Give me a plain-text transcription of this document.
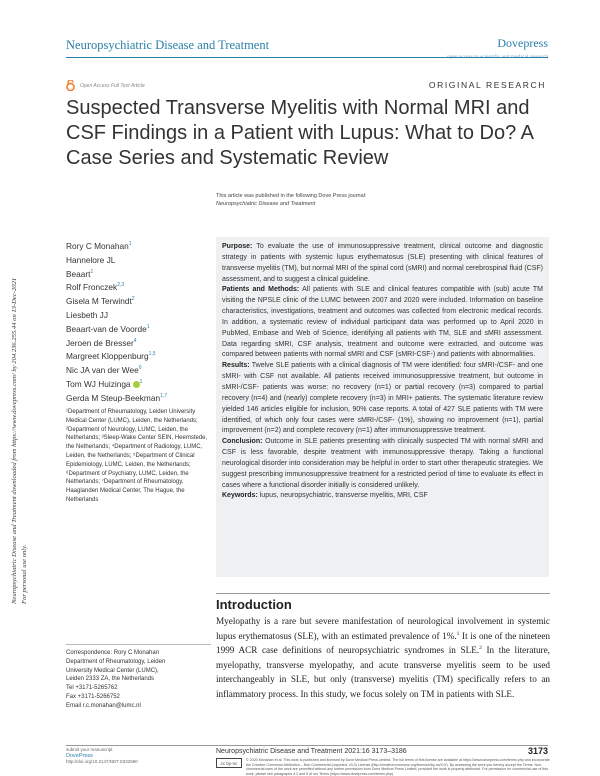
Neuropsychiatric Disease and Treatment	Dovepress
Open Access Full Text Article	ORIGINAL RESEARCH
Suspected Transverse Myelitis with Normal MRI and CSF Findings in a Patient with Lupus: What to Do? A Case Series and Systematic Review
This article was published in the following Dove Press journal:
Neuropsychiatric Disease and Treatment
Neuropsychiatric Disease and Treatment downloaded from https://www.dovepress.com/ by 204.236.255.44 on 13-Dec-2021 For personal use only.
Rory C Monahan$^1$
Hannelore JL
Beaart$^1$
Rolf Fronczek$^{2,3}$
Gisela M Terwindt$^2$
Liesbeth JJ
Beaart-van de Voorde$^1$
Jeroen de Bresser$^4$
Margreet Kloppenburg$^{1,5}$
Nic JA van der Wee$^6$
Tom WJ Huizinga $^1$
Gerda M Steup-Beekman$^{1,7}$
¹Department of Rheumatology, Leiden University Medical Center (LUMC), Leiden, the Netherlands; ²Department of Neurology, LUMC, Leiden, the Netherlands; ³Sleep-Wake Center SEIN, Heemstede, the Netherlands; ⁴Department of Radiology, LUMC, Leiden, the Netherlands; ⁵Department of Clinical Epidemiology, LUMC, Leiden, the Netherlands; ⁶Department of Psychiatry, LUMC, Leiden, the Netherlands; ⁷Department of Rheumatology, Haaglanden Medical Center, The Hague, the Netherlands
Correspondence: Rory C Monahan
Department of Rheumatology, Leiden
University Medical Center (LUMC),
Leiden 2333 ZA, the Netherlands
Tel +3171-5265762
Fax +3171-5266752
Email r.c.monahan@lumc.nl

Purpose: To evaluate the use of immunosuppressive treatment, clinical outcome and diagnostic strategy in patients with systemic lupus erythematosus (SLE) presenting with clinical features of transverse myelitis (TM), but normal MRI of the spinal cord (sMRI) and normal cerebrospinal fluid (CSF) assessment, and to suggest a clinical guideline.

Patients and Methods: All patients with SLE and clinical features compatible with (sub) acute TM visiting the NPSLE clinic of the LUMC between 2007 and 2020 were included. Information on baseline characteristics, investigations, treatment and outcomes was collected from electronic medical records. In addition, a systematic review of individual participant data was performed up to April 2020 in PubMed, Embase and Web of Science, identifying all patients with TM, SLE and sMRI assessment. Data regarding sMRI, CSF analysis, treatment and outcome were extracted, and outcome was compared between patients with normal sMRI and CSF (sMRI-CSF-) and patients with abnormalities.

Results: Twelve SLE patients with a clinical diagnosis of TM were identified: four sMRI-/CSF- and one sMRI- with CSF not available. All patients received immunosuppressive treatment, but outcome in sMRI-/CSF- patients was worse: no recovery (n=1) or partial recovery (n=3) compared to partial recovery (n=4) and (nearly) complete recovery (n=3) in MRI+ patients. The systematic literature review yielded 146 articles eligible for inclusion, 90% case reports. A total of 427 SLE patients with TM were identified, of which only four cases were sMRI-/CSF- (1%), showing no improvement (n=1), partial improvement (n=2) and complete recovery (n=1) after immunosuppressive treatment.

Conclusion: Outcome in SLE patients presenting with clinically suspected TM with normal sMRI and CSF is less favorable, despite treatment with immunosuppressive therapy. Taking a functional neurological disorder into consideration may be helpful in order to start other therapeutic strategies. We suggest prescribing immunosuppressive treatment for a restricted period of time to evaluate its effect in cases where a functional disorder initially is considered unlikely.

Keywords: lupus, neuropsychiatric, transverse myelitis, MRI, CSF

Introduction
Myelopathy is a rare but severe manifestation of neurological involvement in systemic lupus erythematosus (SLE), with an estimated prevalence of 1%.$^1$ It is one of the nineteen 1999 ACR case definitions of neuropsychiatric syndromes in SLE.$^2$ In the literature, myelopathy, transverse myelopathy, and acute transverse myelitis seem to be used interchangeably in SLE, but only (transverse) myelitis (TM) specifically refers to an inflammatory process. In this study, we focus solely on TM in patients with SLE.
submit your manuscript
DovePress
http://doi.org/10.2147/NDT.S332580
Neuropsychiatric Disease and Treatment 2021:16 3173–3186	3173
cc by-nc
© 2020 Monahan et al. This work is published and licensed by Dove Medical Press Limited. The full terms of this license are available at https://www.dovepress.com/terms.php and incorporate the Creative Commons Attribution – Non Commercial (unported, v3.0) License (http://creativecommons.org/licenses/by-nc/3.0/). By accessing the work you hereby accept the Terms. Non-commercial uses of the work are permitted without any further permission from Dove Medical Press Limited, provided the work is properly attributed. For permission for commercial use of this work, please see paragraphs 4.2 and 5 of our Terms (https://www.dovepress.com/terms.php).
